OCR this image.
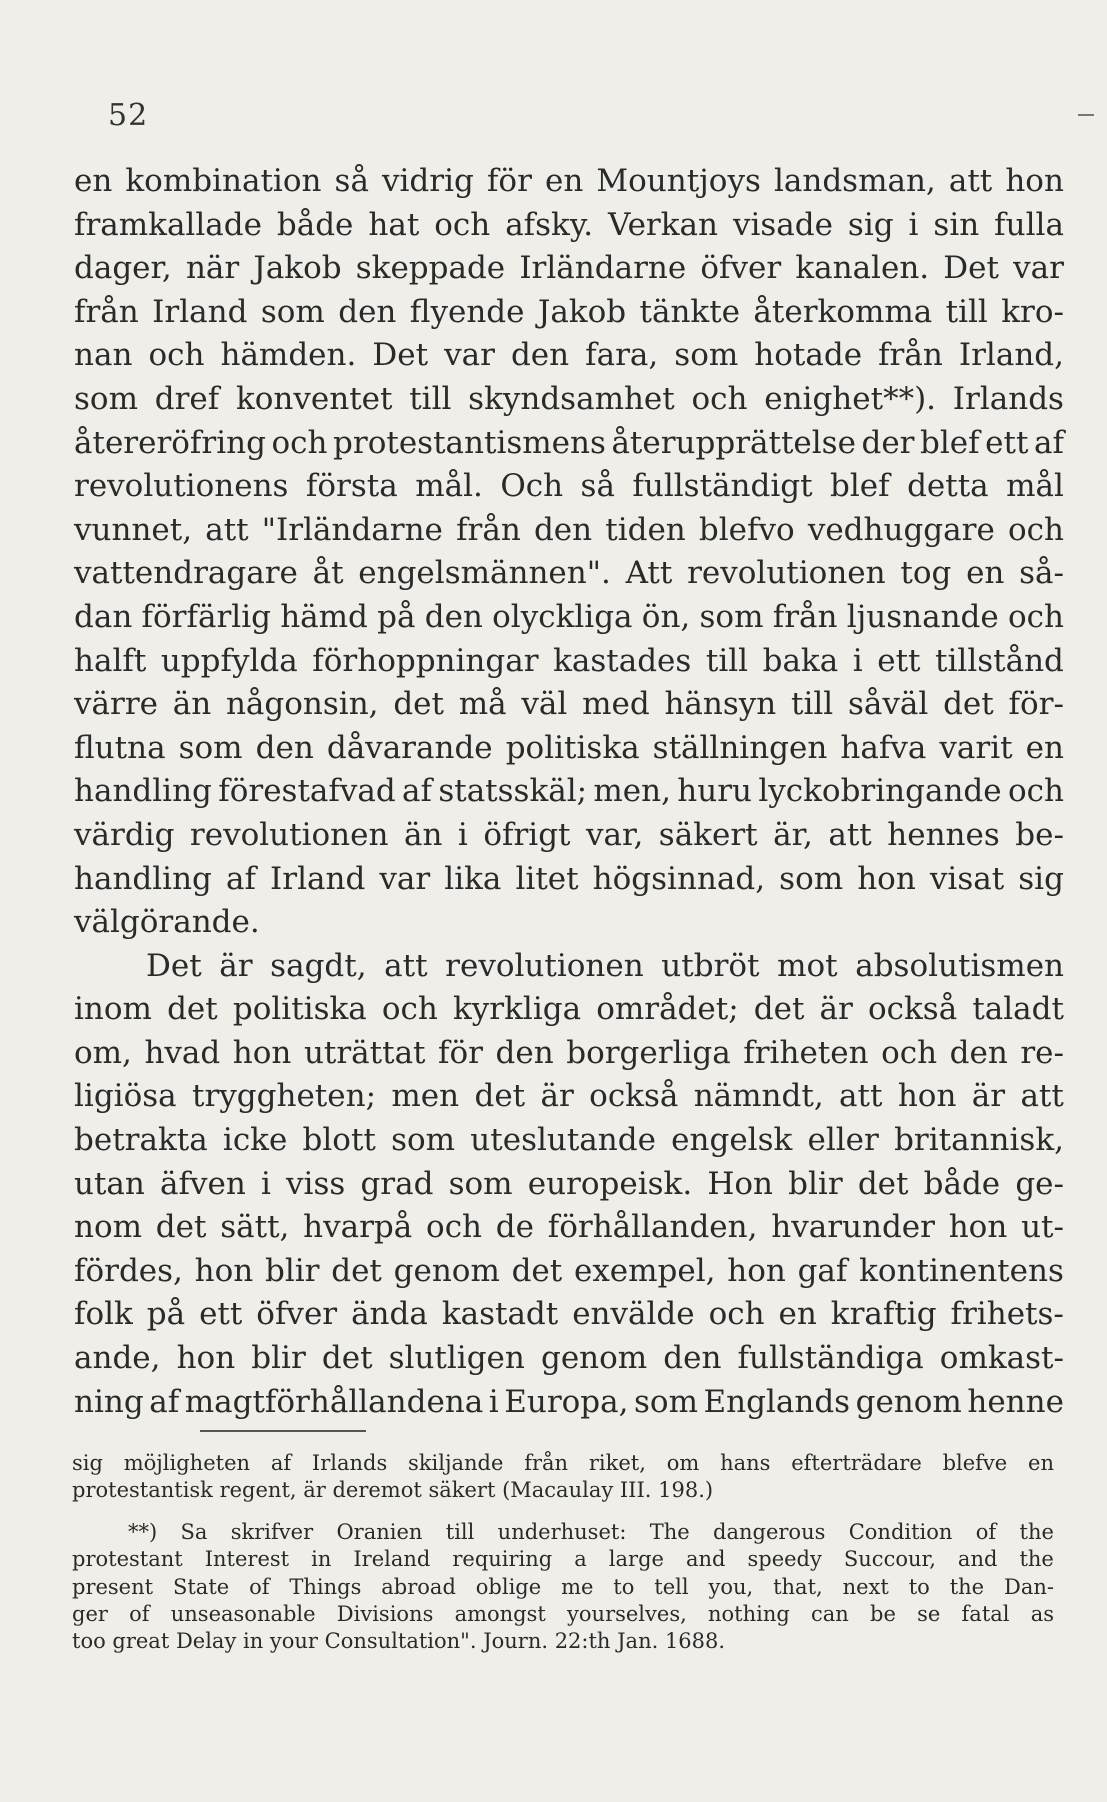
52
en kombination så vidrig för en Mountjoys landsman, att hon
framkallade både hat och afsky. Verkan visade sig i sin fulla
dager, när Jakob skeppade Irländarne öfver kanalen. Det var
från Irland som den flyende Jakob tänkte återkomma till kro-
nan och hämden. Det var den fara, som hotade från Irland,
som dref konventet till skyndsamhet och enighet**). Irlands
återeröfring och protestantismens återupprättelse der blef ett af
revolutionens första mål. Och så fullständigt blef detta mål
vunnet, att "Irländarne från den tiden blefvo vedhuggare och
vattendragare åt engelsmännen". Att revolutionen tog en så-
dan förfärlig hämd på den olyckliga ön, som från ljusnande och
halft uppfylda förhoppningar kastades till baka i ett tillstånd
värre än någonsin, det må väl med hänsyn till såväl det för-
flutna som den dåvarande politiska ställningen hafva varit en
handling förestafvad af statsskäl; men, huru lyckobringande och
värdig revolutionen än i öfrigt var, säkert är, att hennes be-
handling af Irland var lika litet högsinnad, som hon visat sig
välgörande.
Det är sagdt, att revolutionen utbröt mot absolutismen
inom det politiska och kyrkliga området; det är också taladt
om, hvad hon uträttat för den borgerliga friheten och den re-
ligiösa tryggheten; men det är också nämndt, att hon är att
betrakta icke blott som uteslutande engelsk eller britannisk,
utan äfven i viss grad som europeisk. Hon blir det både ge-
nom det sätt, hvarpå och de förhållanden, hvarunder hon ut-
fördes, hon blir det genom det exempel, hon gaf kontinentens
folk på ett öfver ända kastadt envälde och en kraftig frihets-
ande, hon blir det slutligen genom den fullständiga omkast-
ning af magtförhållandena i Europa, som Englands genom henne
sig möjligheten af Irlands skiljande från riket, om hans efterträdare blefve en
protestantisk regent, är deremot säkert (Macaulay III. 198.)
**) Sa skrifver Oranien till underhuset: The dangerous Condition of the
protestant Interest in Ireland requiring a large and speedy Succour, and the
present State of Things abroad oblige me to tell you, that, next to the Dan-
ger of unseasonable Divisions amongst yourselves, nothing can be se fatal as
too great Delay in your Consultation". Journ. 22:th Jan. 1688.
